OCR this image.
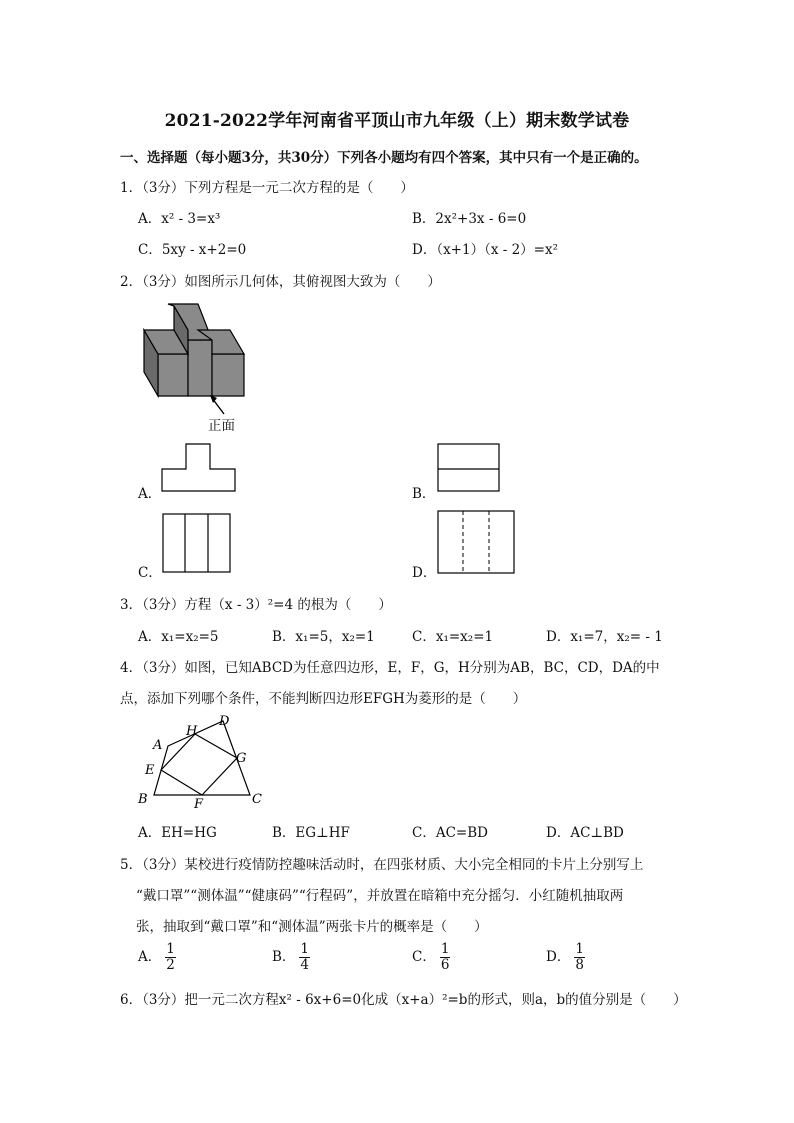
2021-2022学年河南省平顶山市九年级（上）期末数学试卷
一、选择题（每小题3分，共30分）下列各小题均有四个答案，其中只有一个是正确的。
1．（3分）下列方程是一元二次方程的是（　　）
A．x² - 3=x³	B．2x²+3x - 6=0
C．5xy - x+2=0	D．（x+1）（x - 2）=x²
2．（3分）如图所示几何体，其俯视图大致为（　　）
正面
D
H
A
E
G
B	F	C
A．	B．
C．	D．
3．（3分）方程（x - 3）²=4 的根为（　　）
A．x₁=x₂=5	B．x₁=5，x₂=1	C．x₁=x₂=1	D．x₁=7，x₂= - 1
4．（3分）如图，已知ABCD为任意四边形，E，F，G，H分别为AB，BC，CD，DA的中
点，添加下列哪个条件，不能判断四边形EFGH为菱形的是（　　）
A．EH=HG	B．EG⊥HF	C．AC=BD	D．AC⊥BD
5．（3分）某校进行疫情防控趣味活动时，在四张材质、大小完全相同的卡片上分别写上
“戴口罩”“测体温”“健康码”“行程码”，并放置在暗箱中充分摇匀．小红随机抽取两
张，抽取到“戴口罩”和“测体温”两张卡片的概率是（　　）
A． $\frac{1}{2}$	B． $\frac{1}{4}$	C． $\frac{1}{6}$	D． $\frac{1}{8}$
6．（3分）把一元二次方程x² - 6x+6=0化成（x+a）²=b的形式，则a，b的值分别是（　　）
